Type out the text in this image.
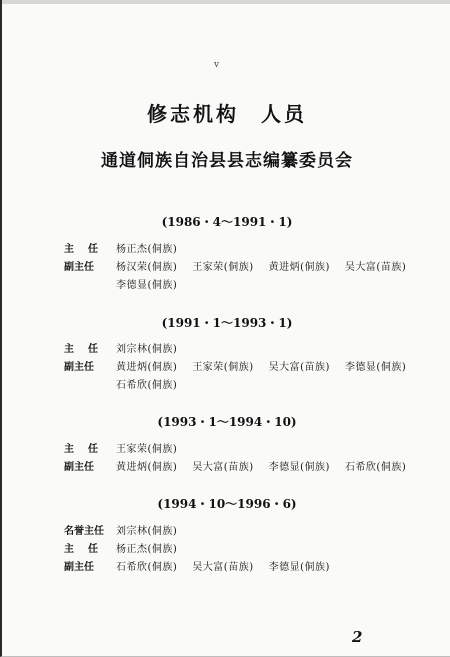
v
修志机构 人员
通道侗族自治县县志编纂委员会
(1986・4～1991・1)
主任 杨正杰(侗族)
副主任 杨汉荣(侗族) 王家荣(侗族) 黄进炳(侗族) 吴大富(苗族)
李德显(侗族)
(1991・1～1993・1)
主任 刘宗林(侗族)
副主任 黄进炳(侗族) 王家荣(侗族) 吴大富(苗族) 李德显(侗族)
石希欣(侗族)
(1993・1～1994・10)
主任 王家荣(侗族)
副主任 黄进炳(侗族) 吴大富(苗族) 李德显(侗族) 石希欣(侗族)
(1994・10～1996・6)
名誉主任 刘宗林(侗族)
主任 杨正杰(侗族)
副主任 石希欣(侗族) 吴大富(苗族) 李德显(侗族)
2
